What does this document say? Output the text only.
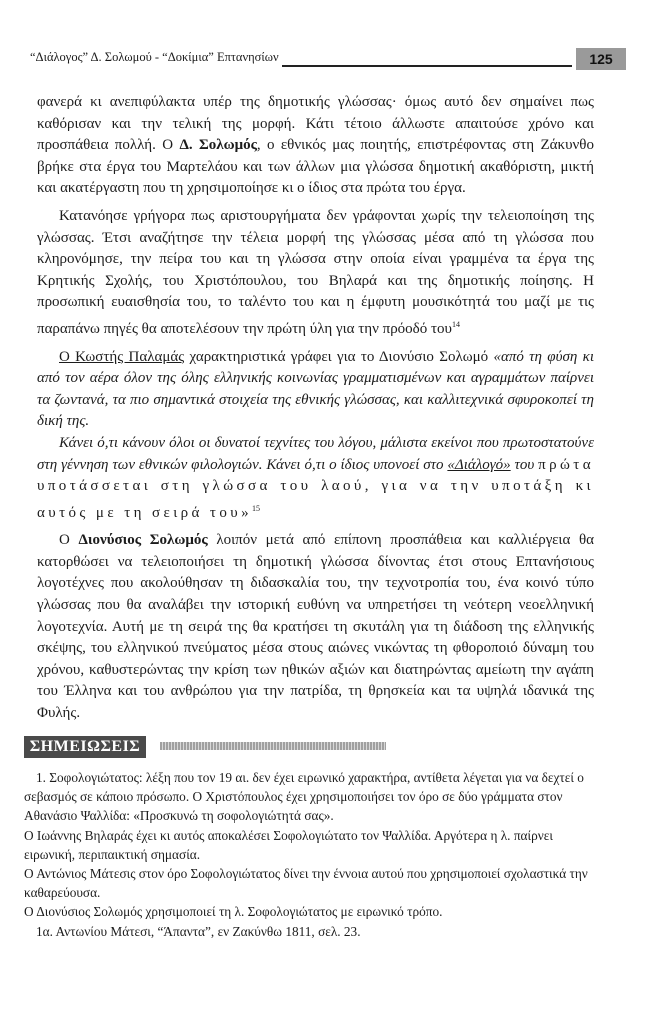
“Διάλογος” Δ. Σολωμού - “Δοκίμια” Επτανησίων	125

φανερά κι ανεπιφύλακτα υπέρ της δημοτικής γλώσσας· όμως αυτό δεν σημαίνει πως καθόρισαν και την τελική της μορφή. Κάτι τέτοιο άλλωστε απαιτούσε χρόνο και προσπάθεια πολλή. Ο Δ. Σολωμός, ο εθνικός μας ποιητής, επιστρέφοντας στη Ζάκυνθο βρήκε στα έργα του Μαρτελάου και των άλλων μια γλώσσα δημοτική ακαθόριστη, μικτή και ακατέργαστη που τη χρησιμοποίησε κι ο ίδιος στα πρώτα του έργα.

Κατανόησε γρήγορα πως αριστουργήματα δεν γράφονται χωρίς την τελειοποίηση της γλώσσας. Έτσι αναζήτησε την τέλεια μορφή της γλώσσας μέσα από τη γλώσσα που κληρονόμησε, την πείρα του και τη γλώσσα στην οποία είναι γραμμένα τα έργα της Κρητικής Σχολής, του Χριστόπουλου, του Βηλαρά και της δημοτικής ποίησης. Η προσωπική ευαισθησία του, το ταλέντο του και η έμφυτη μουσικότητά του μαζί με τις παραπάνω πηγές θα αποτελέσουν την πρώτη ύλη για την πρόοδό του$^{14}$

Ο Κωστής Παλαμάς χαρακτηριστικά γράφει για το Διονύσιο Σολωμό «από τη φύση κι από τον αέρα όλον της όλης ελληνικής κοινωνίας γραμματισμένων και αγραμμάτων παίρνει τα ζωντανά, τα πιο σημαντικά στοιχεία της εθνικής γλώσσας, και καλλιτεχνικά σφυροκοπεί τη δική της.

Κάνει ό,τι κάνουν όλοι οι δυνατοί τεχνίτες του λόγου, μάλιστα εκείνοι που πρωτοστατούνε στη γέννηση των εθνικών φιλολογιών. Κάνει ό,τι ο ίδιος υπονοεί στο «Διάλογό» του πρώτα υποτάσσεται στη γλώσσα του λαού, για να την υποτάξη κι αυτός με τη σειρά του»$^{15}$

Ο Διονύσιος Σολωμός λοιπόν μετά από επίπονη προσπάθεια και καλλιέργεια θα κατορθώσει να τελειοποιήσει τη δημοτική γλώσσα δίνοντας έτσι στους Επτανήσιους λογοτέχνες που ακολούθησαν τη διδασκαλία του, την τεχνοτροπία του, ένα κοινό τύπο γλώσσας που θα αναλάβει την ιστορική ευθύνη να υπηρετήσει τη νεότερη νεοελληνική λογοτεχνία. Αυτή με τη σειρά της θα κρατήσει τη σκυτάλη για τη διάδοση της ελληνικής σκέψης, του ελληνικού πνεύματος μέσα στους αιώνες νικώντας τη φθοροποιό δύναμη του χρόνου, καθυστερώντας την κρίση των ηθικών αξιών και διατηρώντας αμείωτη την αγάπη του Έλληνα και του ανθρώπου για την πατρίδα, τη θρησκεία και τα υψηλά ιδανικά της Φυλής.

ΣΗΜΕΙΩΣΕΙΣ

1. Σοφολογιώτατος: λέξη που τον 19 αι. δεν έχει ειρωνικό χαρακτήρα, αντίθετα λέγεται για να δεχτεί ο σεβασμός σε κάποιο πρόσωπο. Ο Χριστόπουλος έχει χρησιμοποιήσει τον όρο σε δύο γράμματα στον Αθανάσιο Ψαλλίδα: «Προσκυνώ τη σοφολογιώτητά σας».

Ο Ιωάννης Βηλαράς έχει κι αυτός αποκαλέσει Σοφολογιώτατο τον Ψαλλίδα. Αργότερα η λ. παίρνει ειρωνική, περιπαικτική σημασία.

Ο Αντώνιος Μάτεσις στον όρο Σοφολογιώτατος δίνει την έννοια αυτού που χρησιμοποιεί σχολαστικά την καθαρεύουσα.

Ο Διονύσιος Σολωμός χρησιμοποιεί τη λ. Σοφολογιώτατος με ειρωνικό τρόπο.

1α. Αντωνίου Μάτεσι, “Άπαντα”, εν Ζακύνθω 1811, σελ. 23.
